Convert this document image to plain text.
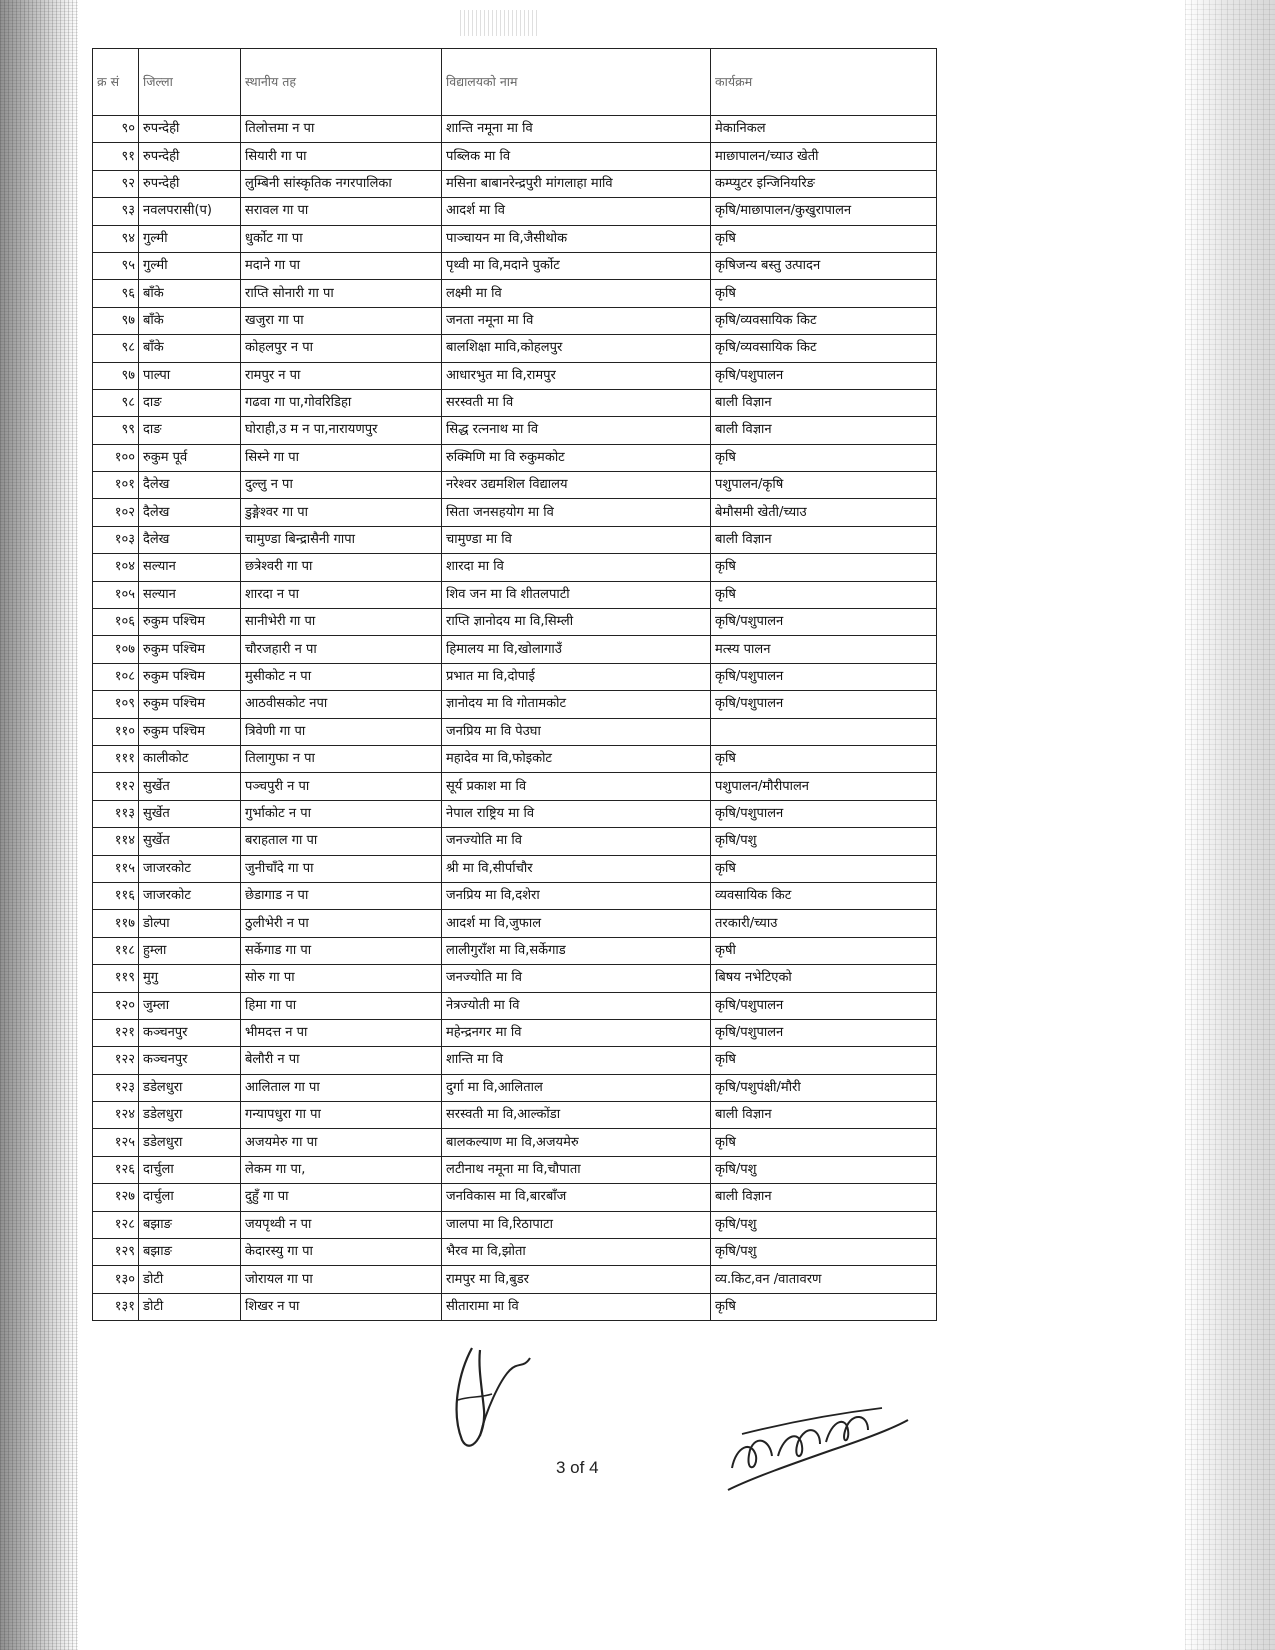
क्र सं	जिल्ला	स्थानीय तह	विद्यालयको नाम	कार्यक्रम
९०	रुपन्देही	तिलोत्तमा न पा	शान्ति नमूना मा वि	मेकानिकल
९१	रुपन्देही	सियारी गा पा	पब्लिक मा वि	माछापालन/च्याउ खेती
९२	रुपन्देही	लुम्बिनी सांस्कृतिक नगरपालिका	मसिना बाबानरेन्द्रपुरी मांगलाहा मावि	कम्प्युटर इन्जिनियरिङ
९३	नवलपरासी(प)	सरावल गा पा	आदर्श मा वि	कृषि/माछापालन/कुखुरापालन
९४	गुल्मी	धुर्कोट गा पा	पाञ्चायन मा वि,जैसीथोक	कृषि
९५	गुल्मी	मदाने गा पा	पृथ्वी मा वि,मदाने पुर्कोट	कृषिजन्य बस्तु उत्पादन
९६	बाँके	राप्ति सोनारी गा पा	लक्ष्मी मा वि	कृषि
९७	बाँके	खजुरा गा पा	जनता नमूना मा वि	कृषि/व्यवसायिक किट
९८	बाँके	कोहलपुर न पा	बालशिक्षा मावि,कोहलपुर	कृषि/व्यवसायिक किट
९७	पाल्पा	रामपुर न पा	आधारभुत मा वि,रामपुर	कृषि/पशुपालन
९८	दाङ	गढवा गा पा,गोवरिडिहा	सरस्वती मा वि	बाली विज्ञान
९९	दाङ	घोराही,उ म न पा,नारायणपुर	सिद्ध रत्ननाथ मा वि	बाली विज्ञान
१००	रुकुम पूर्व	सिस्ने गा पा	रुक्मिणि मा वि रुकुमकोट	कृषि
१०१	दैलेख	दुल्लु न पा	नरेश्वर उद्यमशिल विद्यालय	पशुपालन/कृषि
१०२	दैलेख	डुङ्गेश्वर गा पा	सिता जनसहयोग मा वि	बेमौसमी खेती/च्याउ
१०३	दैलेख	चामुण्डा बिन्द्रासैनी गापा	चामुण्डा मा वि	बाली विज्ञान
१०४	सल्यान	छत्रेश्वरी गा पा	शारदा मा वि	कृषि
१०५	सल्यान	शारदा न पा	शिव जन मा वि शीतलपाटी	कृषि
१०६	रुकुम पश्चिम	सानीभेरी गा पा	राप्ति ज्ञानोदय मा वि,सिम्ली	कृषि/पशुपालन
१०७	रुकुम पश्चिम	चौरजहारी न पा	हिमालय मा वि,खोलागाउँ	मत्स्य पालन
१०८	रुकुम पश्चिम	मुसीकोट न पा	प्रभात मा वि,दोपाई	कृषि/पशुपालन
१०९	रुकुम पश्चिम	आठवीसकोट नपा	ज्ञानोदय मा वि गोतामकोट	कृषि/पशुपालन
११०	रुकुम पश्चिम	त्रिवेणी गा पा	जनप्रिय मा वि पेउघा	
१११	कालीकोट	तिलागुफा न पा	महादेव मा वि,फोइकोट	कृषि
११२	सुर्खेत	पञ्चपुरी न पा	सूर्य प्रकाश मा वि	पशुपालन/मौरीपालन
११३	सुर्खेत	गुर्भाकोट न पा	नेपाल राष्ट्रिय मा वि	कृषि/पशुपालन
११४	सुर्खेत	बराहताल गा पा	जनज्योति मा वि	कृषि/पशु
११५	जाजरकोट	जुनीचाँदे गा पा	श्री मा वि,सीर्पाचौर	कृषि
११६	जाजरकोट	छेडागाड न पा	जनप्रिय मा वि,दशेरा	व्यवसायिक किट
११७	डोल्पा	ठुलीभेरी न पा	आदर्श मा वि,जुफाल	तरकारी/च्याउ
११८	हुम्ला	सर्केगाड गा पा	लालीगुराँश मा वि,सर्केगाड	कृषी
११९	मुगु	सोरु गा पा	जनज्योति मा वि	बिषय नभेटिएको
१२०	जुम्ला	हिमा गा पा	नेत्रज्योती मा वि	कृषि/पशुपालन
१२१	कञ्चनपुर	भीमदत्त न पा	महेन्द्रनगर मा वि	कृषि/पशुपालन
१२२	कञ्चनपुर	बेलौरी न पा	शान्ति मा वि	कृषि
१२३	डडेलधुरा	आलिताल गा पा	दुर्गा मा वि,आलिताल	कृषि/पशुपंक्षी/मौरी
१२४	डडेलधुरा	गन्यापधुरा गा पा	सरस्वती मा वि,आल्कोंडा	बाली विज्ञान
१२५	डडेलधुरा	अजयमेरु गा पा	बालकल्याण मा वि,अजयमेरु	कृषि
१२६	दार्चुला	लेकम गा पा,	लटीनाथ नमूना मा वि,चौपाता	कृषि/पशु
१२७	दार्चुला	दुहुँ गा पा	जनविकास मा वि,बारबाँज	बाली विज्ञान
१२८	बझाङ	जयपृथ्वी न पा	जालपा मा वि,रिठापाटा	कृषि/पशु
१२९	बझाङ	केदारस्यु गा पा	भैरव मा वि,झोता	कृषि/पशु
१३०	डोटी	जोरायल गा पा	रामपुर मा वि,बुडर	व्य.किट,वन /वातावरण
१३१	डोटी	शिखर न पा	सीतारामा मा वि	कृषि
3 of 4
